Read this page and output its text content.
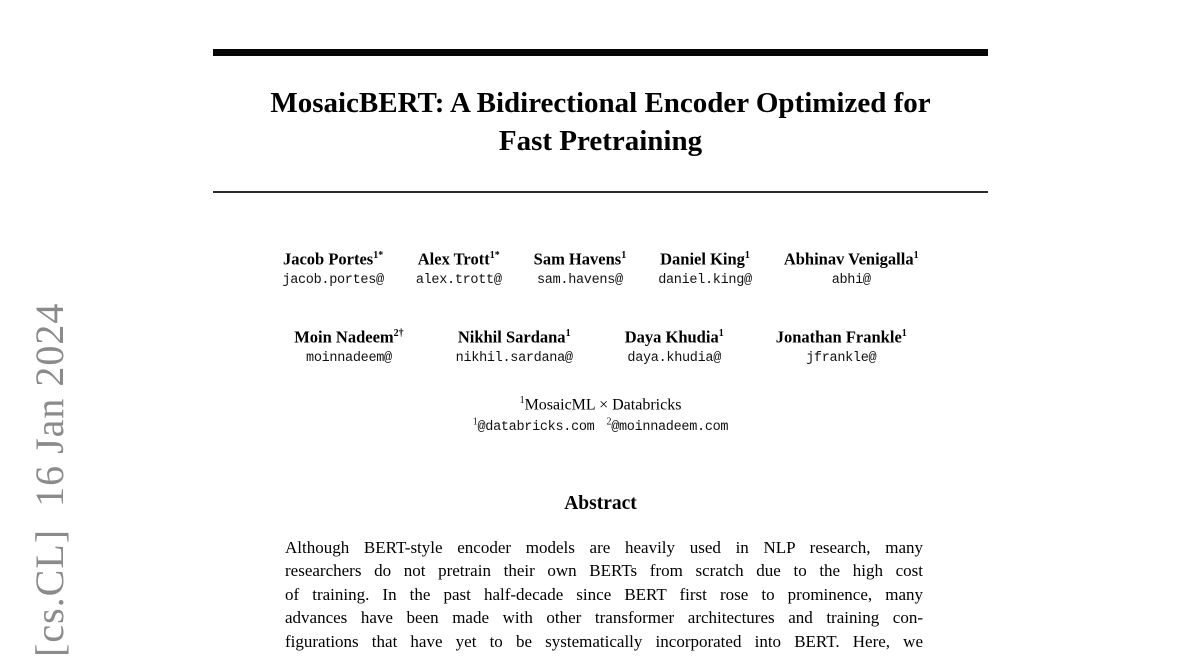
[cs.CL]  16 Jan 2024
MosaicBERT: A Bidirectional Encoder Optimized for
Fast Pretraining
Jacob Portes$^{1*}$
jacob.portes@
Alex Trott$^{1*}$
alex.trott@
Sam Havens$^1$
sam.havens@
Daniel King$^1$
daniel.king@
Abhinav Venigalla$^1$
abhi@
Moin Nadeem$^{2\dagger}$
moinnadeem@
Nikhil Sardana$^1$
nikhil.sardana@
Daya Khudia$^1$
daya.khudia@
Jonathan Frankle$^1$
jfrankle@
$^1$MosaicML × Databricks
$^1$@databricks.com $^2$@moinnadeem.com
Abstract
Although BERT-style encoder models are heavily used in NLP research, many
researchers do not pretrain their own BERTs from scratch due to the high cost
of training. In the past half-decade since BERT first rose to prominence, many
advances have been made with other transformer architectures and training con-
figurations that have yet to be systematically incorporated into BERT. Here, we
